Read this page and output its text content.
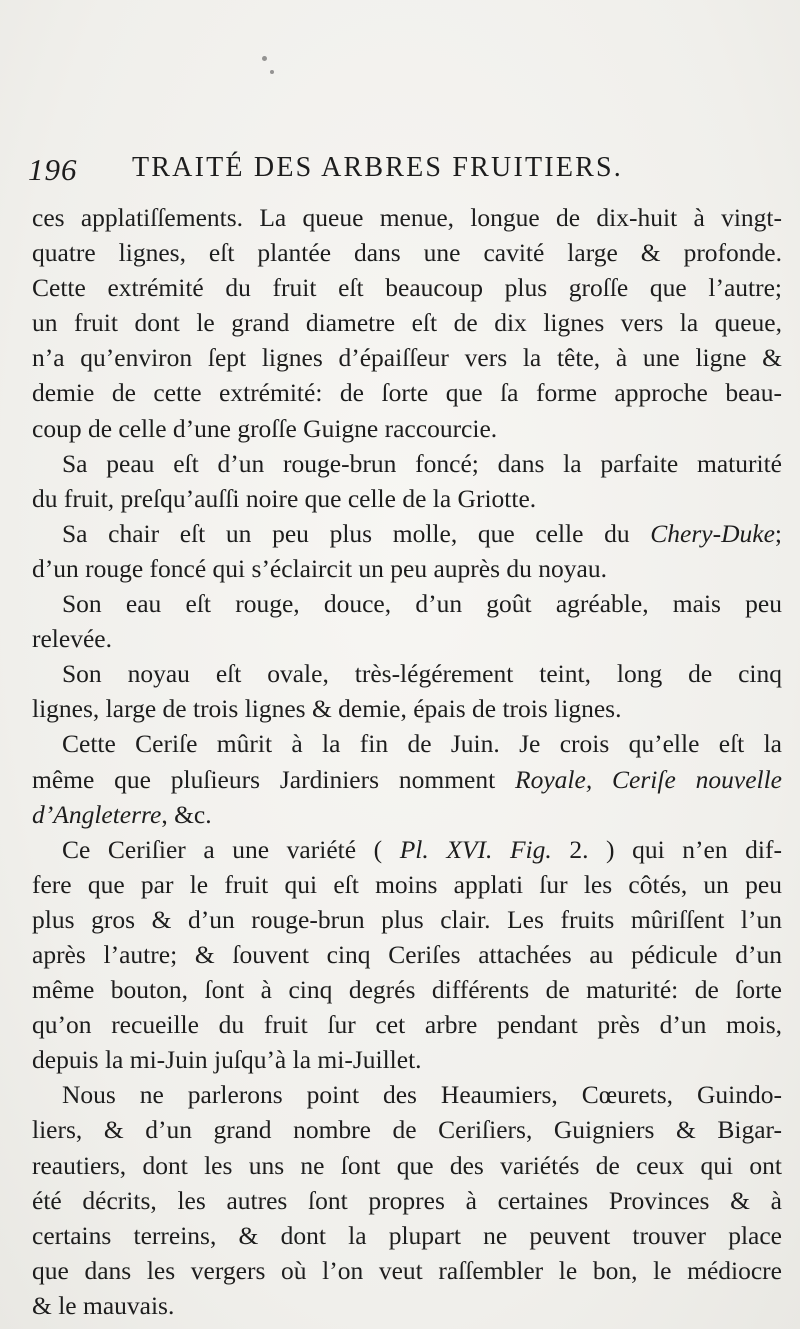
196 TRAITÉ DES ARBRES FRUITIERS.
ces applatiſſements. La queue menue, longue de dix-huit à vingt-
quatre lignes, eſt plantée dans une cavité large & profonde.
Cette extrémité du fruit eſt beaucoup plus groſſe que l’autre;
un fruit dont le grand diametre eſt de dix lignes vers la queue,
n’a qu’environ ſept lignes d’épaiſſeur vers la tête, à une ligne &
demie de cette extrémité: de ſorte que ſa forme approche beau-
coup de celle d’une groſſe Guigne raccourcie.
Sa peau eſt d’un rouge-brun foncé; dans la parfaite maturité
du fruit, preſqu’auſſi noire que celle de la Griotte.
Sa chair eſt un peu plus molle, que celle du Chery-Duke;
d’un rouge foncé qui s’éclaircit un peu auprès du noyau.
Son eau eſt rouge, douce, d’un goût agréable, mais peu
relevée.
Son noyau eſt ovale, très-légérement teint, long de cinq
lignes, large de trois lignes & demie, épais de trois lignes.
Cette Ceriſe mûrit à la fin de Juin. Je crois qu’elle eſt la
même que pluſieurs Jardiniers nomment Royale, Ceriſe nouvelle
d’Angleterre, &c.
Ce Ceriſier a une variété ( Pl. XVI. Fig. 2. ) qui n’en dif-
fere que par le fruit qui eſt moins applati ſur les côtés, un peu
plus gros & d’un rouge-brun plus clair. Les fruits mûriſſent l’un
après l’autre; & ſouvent cinq Ceriſes attachées au pédicule d’un
même bouton, ſont à cinq degrés différents de maturité: de ſorte
qu’on recueille du fruit ſur cet arbre pendant près d’un mois,
depuis la mi-Juin juſqu’à la mi-Juillet.
Nous ne parlerons point des Heaumiers, Cœurets, Guindo-
liers, & d’un grand nombre de Ceriſiers, Guigniers & Bigar-
reautiers, dont les uns ne ſont que des variétés de ceux qui ont
été décrits, les autres ſont propres à certaines Provinces & à
certains terreins, & dont la plupart ne peuvent trouver place
que dans les vergers où l’on veut raſſembler le bon, le médiocre
& le mauvais.
